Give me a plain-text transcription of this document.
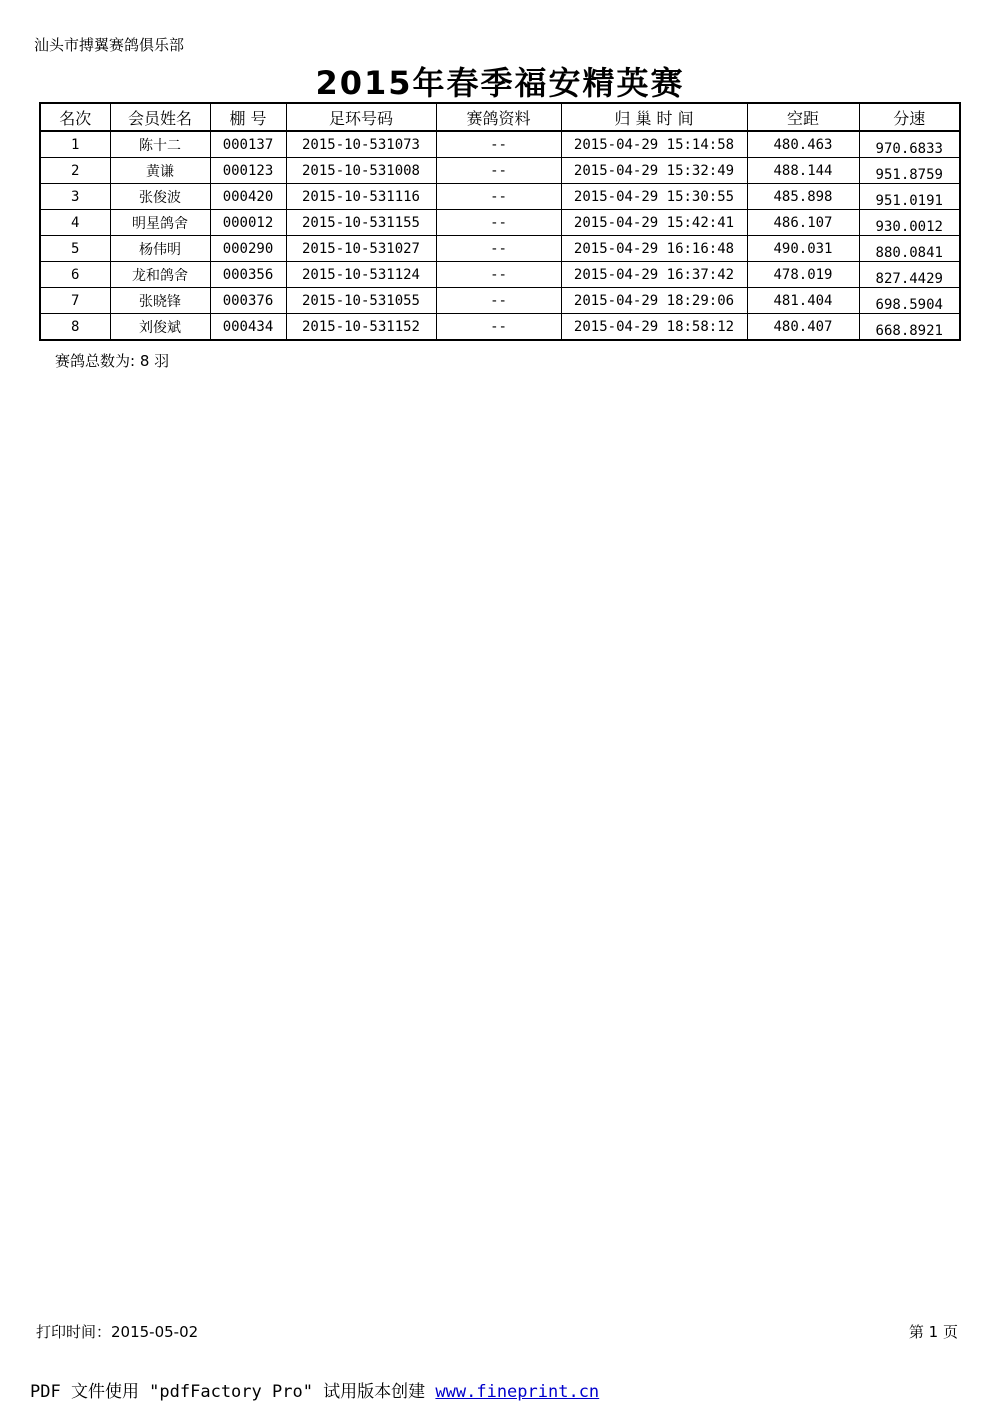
汕头市搏翼赛鸽俱乐部
2015年春季福安精英赛
名次	会员姓名	棚 号	足环号码	赛鸽资料	归 巢 时 间	空距	分速
1	陈十二	000137	2015-10-531073	--	2015-04-29 15:14:58	480.463	970.6833
2	黄谦	000123	2015-10-531008	--	2015-04-29 15:32:49	488.144	951.8759
3	张俊波	000420	2015-10-531116	--	2015-04-29 15:30:55	485.898	951.0191
4	明星鸽舍	000012	2015-10-531155	--	2015-04-29 15:42:41	486.107	930.0012
5	杨伟明	000290	2015-10-531027	--	2015-04-29 16:16:48	490.031	880.0841
6	龙和鸽舍	000356	2015-10-531124	--	2015-04-29 16:37:42	478.019	827.4429
7	张晓锋	000376	2015-10-531055	--	2015-04-29 18:29:06	481.404	698.5904
8	刘俊斌	000434	2015-10-531152	--	2015-04-29 18:58:12	480.407	668.8921
赛鸽总数为: 8 羽
打印时间：2015-05-02	第 1 页
PDF 文件使用 "pdfFactory Pro" 试用版本创建 www.fineprint.cn
